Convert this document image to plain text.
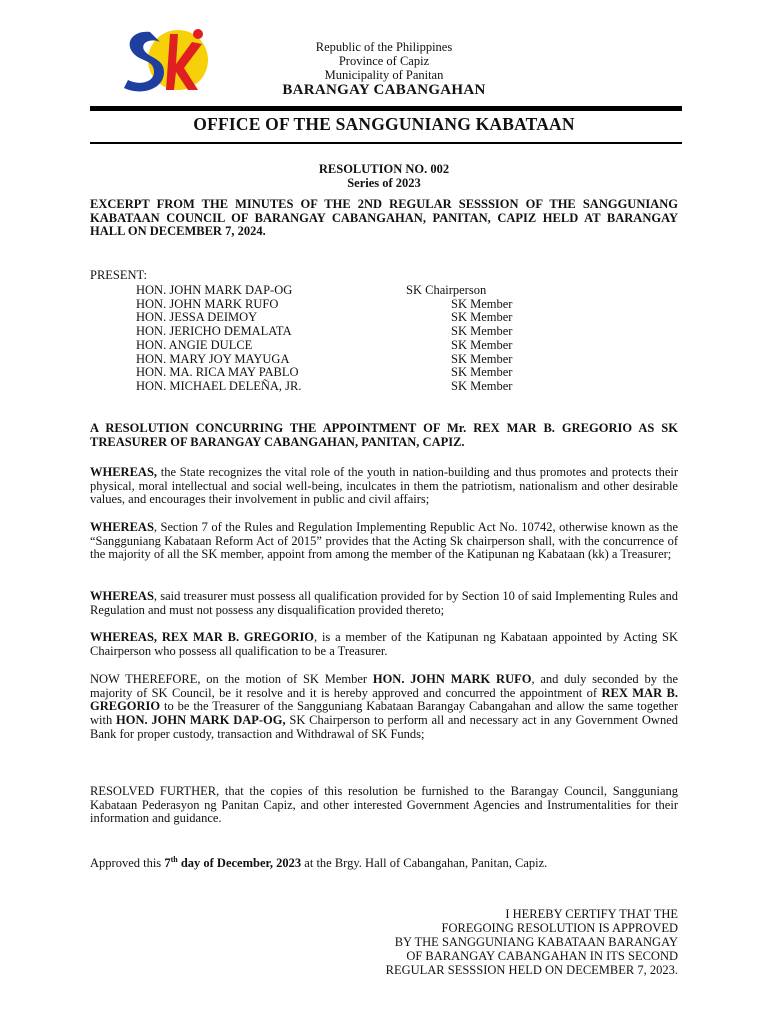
Republic of the Philippines
Province of Capiz
Municipality of Panitan
BARANGAY CABANGAHAN
OFFICE OF THE SANGGUNIANG KABATAAN
RESOLUTION NO. 002
Series of 2023
EXCERPT FROM THE MINUTES OF THE 2ND REGULAR SESSSION OF THE SANGGUNIANG KABATAAN COUNCIL OF BARANGAY CABANGAHAN, PANITAN, CAPIZ HELD AT BARANGAY HALL ON DECEMBER 7, 2024.
PRESENT:
HON. JOHN MARK DAP-OG	SK Chairperson
HON. JOHN MARK RUFO	SK Member
HON. JESSA DEIMOY	SK Member
HON. JERICHO DEMALATA	SK Member
HON. ANGIE DULCE	SK Member
HON. MARY JOY MAYUGA	SK Member
HON. MA. RICA MAY PABLO	SK Member
HON. MICHAEL DELEÑA, JR.	SK Member
A RESOLUTION CONCURRING THE APPOINTMENT OF Mr. REX MAR B. GREGORIO AS SK TREASURER OF BARANGAY CABANGAHAN, PANITAN, CAPIZ.
WHEREAS, the State recognizes the vital role of the youth in nation-building and thus promotes and protects their physical, moral intellectual and social well-being, inculcates in them the patriotism, nationalism and other desirable values, and encourages their involvement in public and civil affairs;
WHEREAS, Section 7 of the Rules and Regulation Implementing Republic Act No. 10742, otherwise known as the “Sangguniang Kabataan Reform Act of 2015” provides that the Acting Sk chairperson shall, with the concurrence of the majority of all the SK member, appoint from among the member of the Katipunan ng Kabataan (kk) a Treasurer;
WHEREAS, said treasurer must possess all qualification provided for by Section 10 of said Implementing Rules and Regulation and must not possess any disqualification provided thereto;
WHEREAS, REX MAR B. GREGORIO, is a member of the Katipunan ng Kabataan appointed by Acting SK Chairperson who possess all qualification to be a Treasurer.
NOW THEREFORE, on the motion of SK Member HON. JOHN MARK RUFO, and duly seconded by the majority of SK Council, be it resolve and it is hereby approved and concurred the appointment of REX MAR B. GREGORIO to be the Treasurer of the Sangguniang Kabataan Barangay Cabangahan and allow the same together with HON. JOHN MARK DAP-OG, SK Chairperson to perform all and necessary act in any Government Owned Bank for proper custody, transaction and Withdrawal of SK Funds;
RESOLVED FURTHER, that the copies of this resolution be furnished to the Barangay Council, Sangguniang Kabataan Pederasyon ng Panitan Capiz, and other interested Government Agencies and Instrumentalities for their information and guidance.
Approved this 7th day of December, 2023 at the Brgy. Hall of Cabangahan, Panitan, Capiz.
I HEREBY CERTIFY THAT THE
FOREGOING RESOLUTION IS APPROVED
BY THE SANGGUNIANG KABATAAN BARANGAY
OF BARANGAY CABANGAHAN IN ITS SECOND
REGULAR SESSSION HELD ON DECEMBER 7, 2023.
